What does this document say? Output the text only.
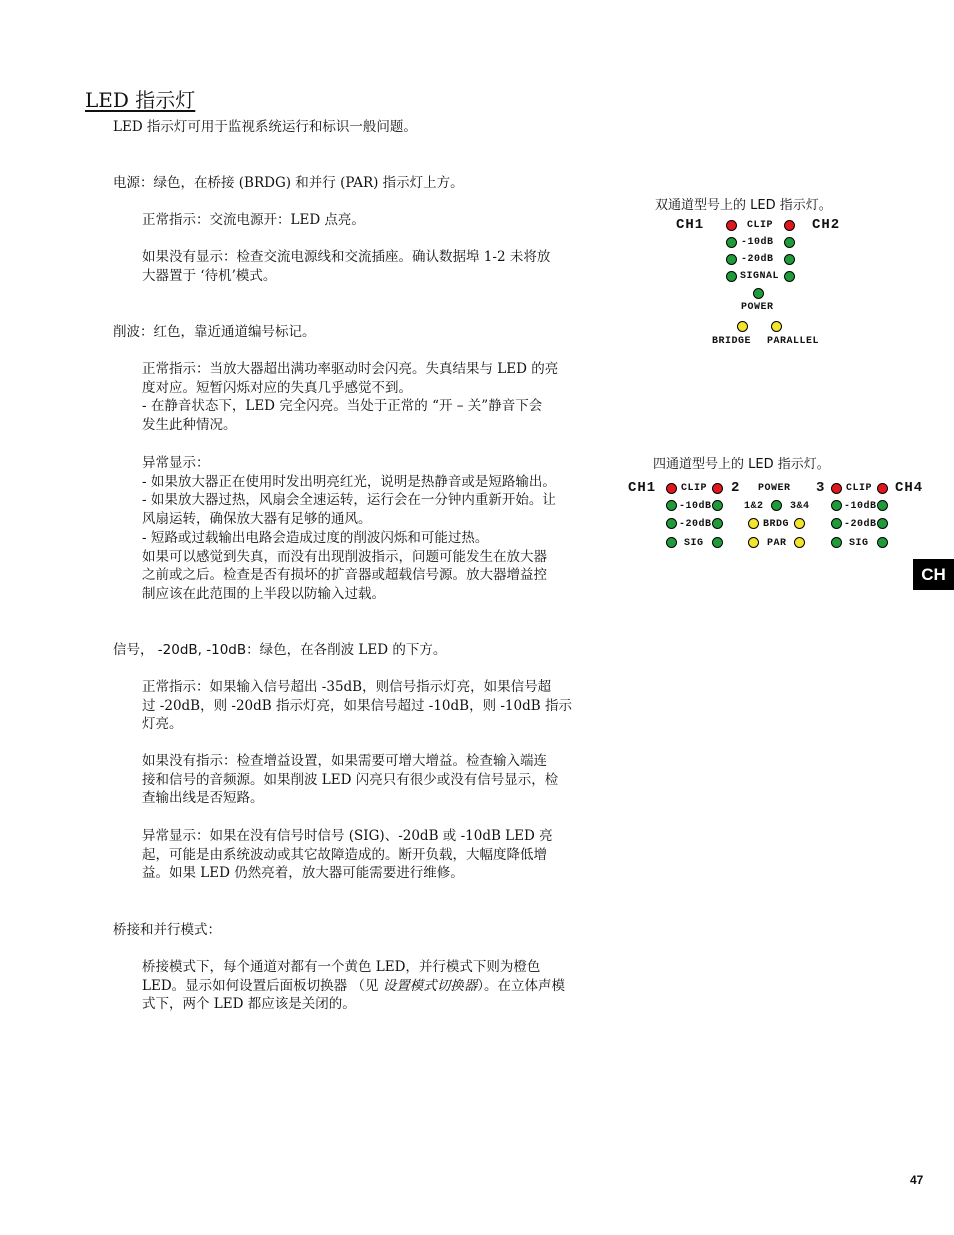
LED 指示灯

LED 指示灯可用于监视系统运行和标识一般问题。

电源：绿色，在桥接 (BRDG) 和并行 (PAR) 指示灯上方。

正常指示：交流电源开：LED 点亮。

如果没有显示：检查交流电源线和交流插座。确认数据埠 1-2 未将放
大器置于 ‘待机’模式。

削波：红色，靠近通道编号标记。

正常指示：当放大器超出满功率驱动时会闪亮。失真结果与 LED 的亮
度对应。短暂闪烁对应的失真几乎感觉不到。
- 在静音状态下，LED 完全闪亮。当处于正常的 “开 – 关”静音下会
发生此种情况。
异常显示：
- 如果放大器正在使用时发出明亮红光，说明是热静音或是短路输出。
- 如果放大器过热，风扇会全速运转，运行会在一分钟内重新开始。让
风扇运转，确保放大器有足够的通风。
- 短路或过载输出电路会造成过度的削波闪烁和可能过热。
如果可以感觉到失真，而没有出现削波指示，问题可能发生在放大器
之前或之后。检查是否有损坏的扩音器或超载信号源。放大器增益控
制应该在此范围的上半段以防输入过载。

信号， -20dB, -10dB：绿色，在各削波 LED 的下方。

正常指示：如果输入信号超出 -35dB，则信号指示灯亮，如果信号超
过 -20dB，则 -20dB 指示灯亮，如果信号超过 -10dB，则 -10dB 指示
灯亮。
如果没有指示：检查增益设置，如果需要可增大增益。检查输入端连
接和信号的音频源。如果削波 LED 闪亮只有很少或没有信号显示，检
查输出线是否短路。
异常显示：如果在没有信号时信号 (SIG)、-20dB 或 -10dB LED 亮
起，可能是由系统波动或其它故障造成的。断开负载，大幅度降低增
益。如果 LED 仍然亮着，放大器可能需要进行维修。

桥接和并行模式：

桥接模式下，每个通道对都有一个黄色 LED，并行模式下则为橙色
LED。显示如何设置后面板切换器 （见 设置模式切换器）。在立体声模
式下，两个 LED 都应该是关闭的。
双通道型号上的 LED 指示灯。
CH1	CLIP	CH2
-10dB
-20dB
SIGNAL
POWER
BRIDGE PARALLEL
四通道型号上的 LED 指示灯。
CH1 CLIP 2 POWER 3 CLIP CH4
1&2	3&4
-10dB	-10dB
-20dB	BRDG	-20dB
SIG	PAR	SIG
CH
47
